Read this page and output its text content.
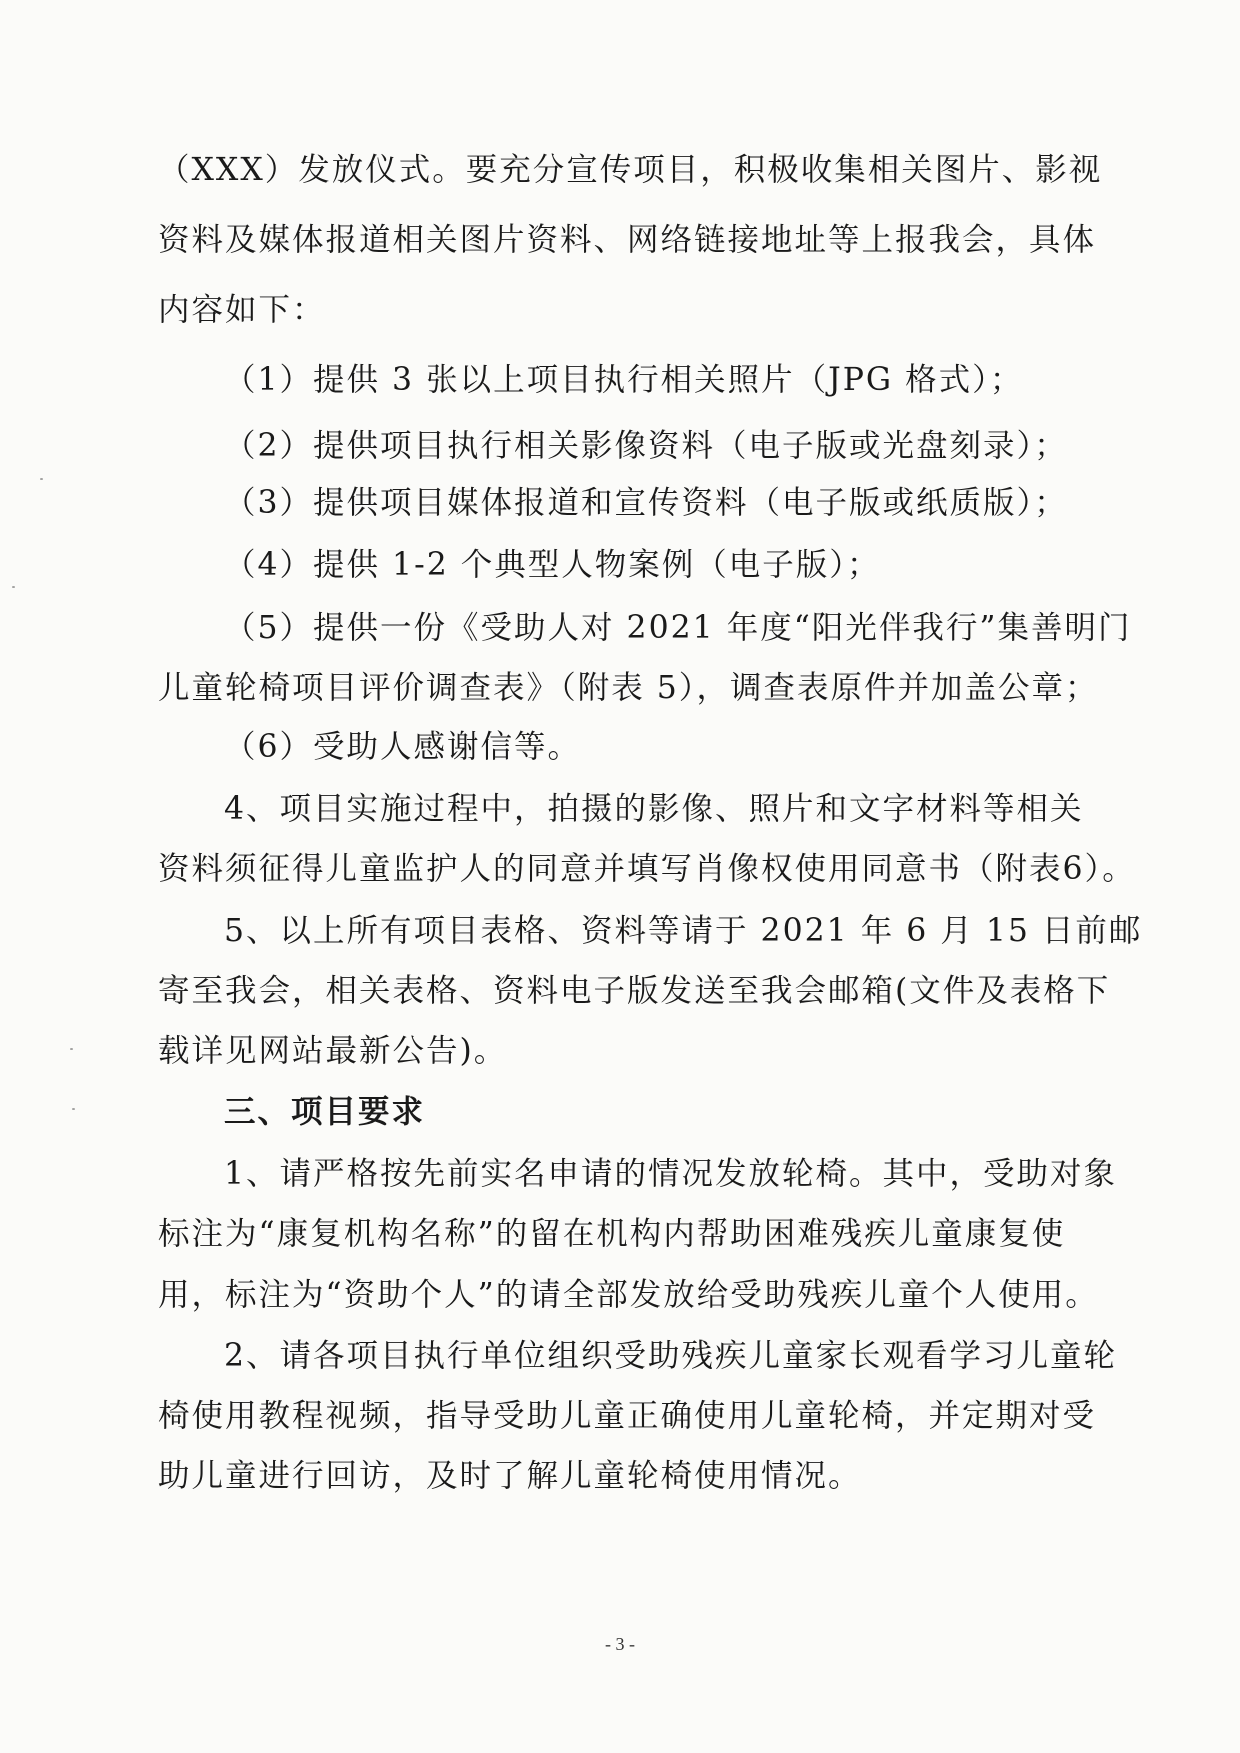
（XXX）发放仪式。要充分宣传项目，积极收集相关图片、影视
资料及媒体报道相关图片资料、网络链接地址等上报我会，具体
内容如下：
（1）提供 3 张以上项目执行相关照片（JPG 格式）；
（2）提供项目执行相关影像资料（电子版或光盘刻录）；
（3）提供项目媒体报道和宣传资料（电子版或纸质版）；
（4）提供 1-2 个典型人物案例（电子版）；
（5）提供一份《受助人对 2021 年度“阳光伴我行”集善明门
儿童轮椅项目评价调查表》（附表 5），调查表原件并加盖公章；
（6）受助人感谢信等。
4、项目实施过程中，拍摄的影像、照片和文字材料等相关
资料须征得儿童监护人的同意并填写肖像权使用同意书（附表6）。
5、以上所有项目表格、资料等请于 2021 年 6 月 15 日前邮
寄至我会，相关表格、资料电子版发送至我会邮箱(文件及表格下
载详见网站最新公告)。
三、项目要求
1、请严格按先前实名申请的情况发放轮椅。其中，受助对象
标注为“康复机构名称”的留在机构内帮助困难残疾儿童康复使
用，标注为“资助个人”的请全部发放给受助残疾儿童个人使用。
2、请各项目执行单位组织受助残疾儿童家长观看学习儿童轮
椅使用教程视频，指导受助儿童正确使用儿童轮椅，并定期对受
助儿童进行回访，及时了解儿童轮椅使用情况。
- 3 -
